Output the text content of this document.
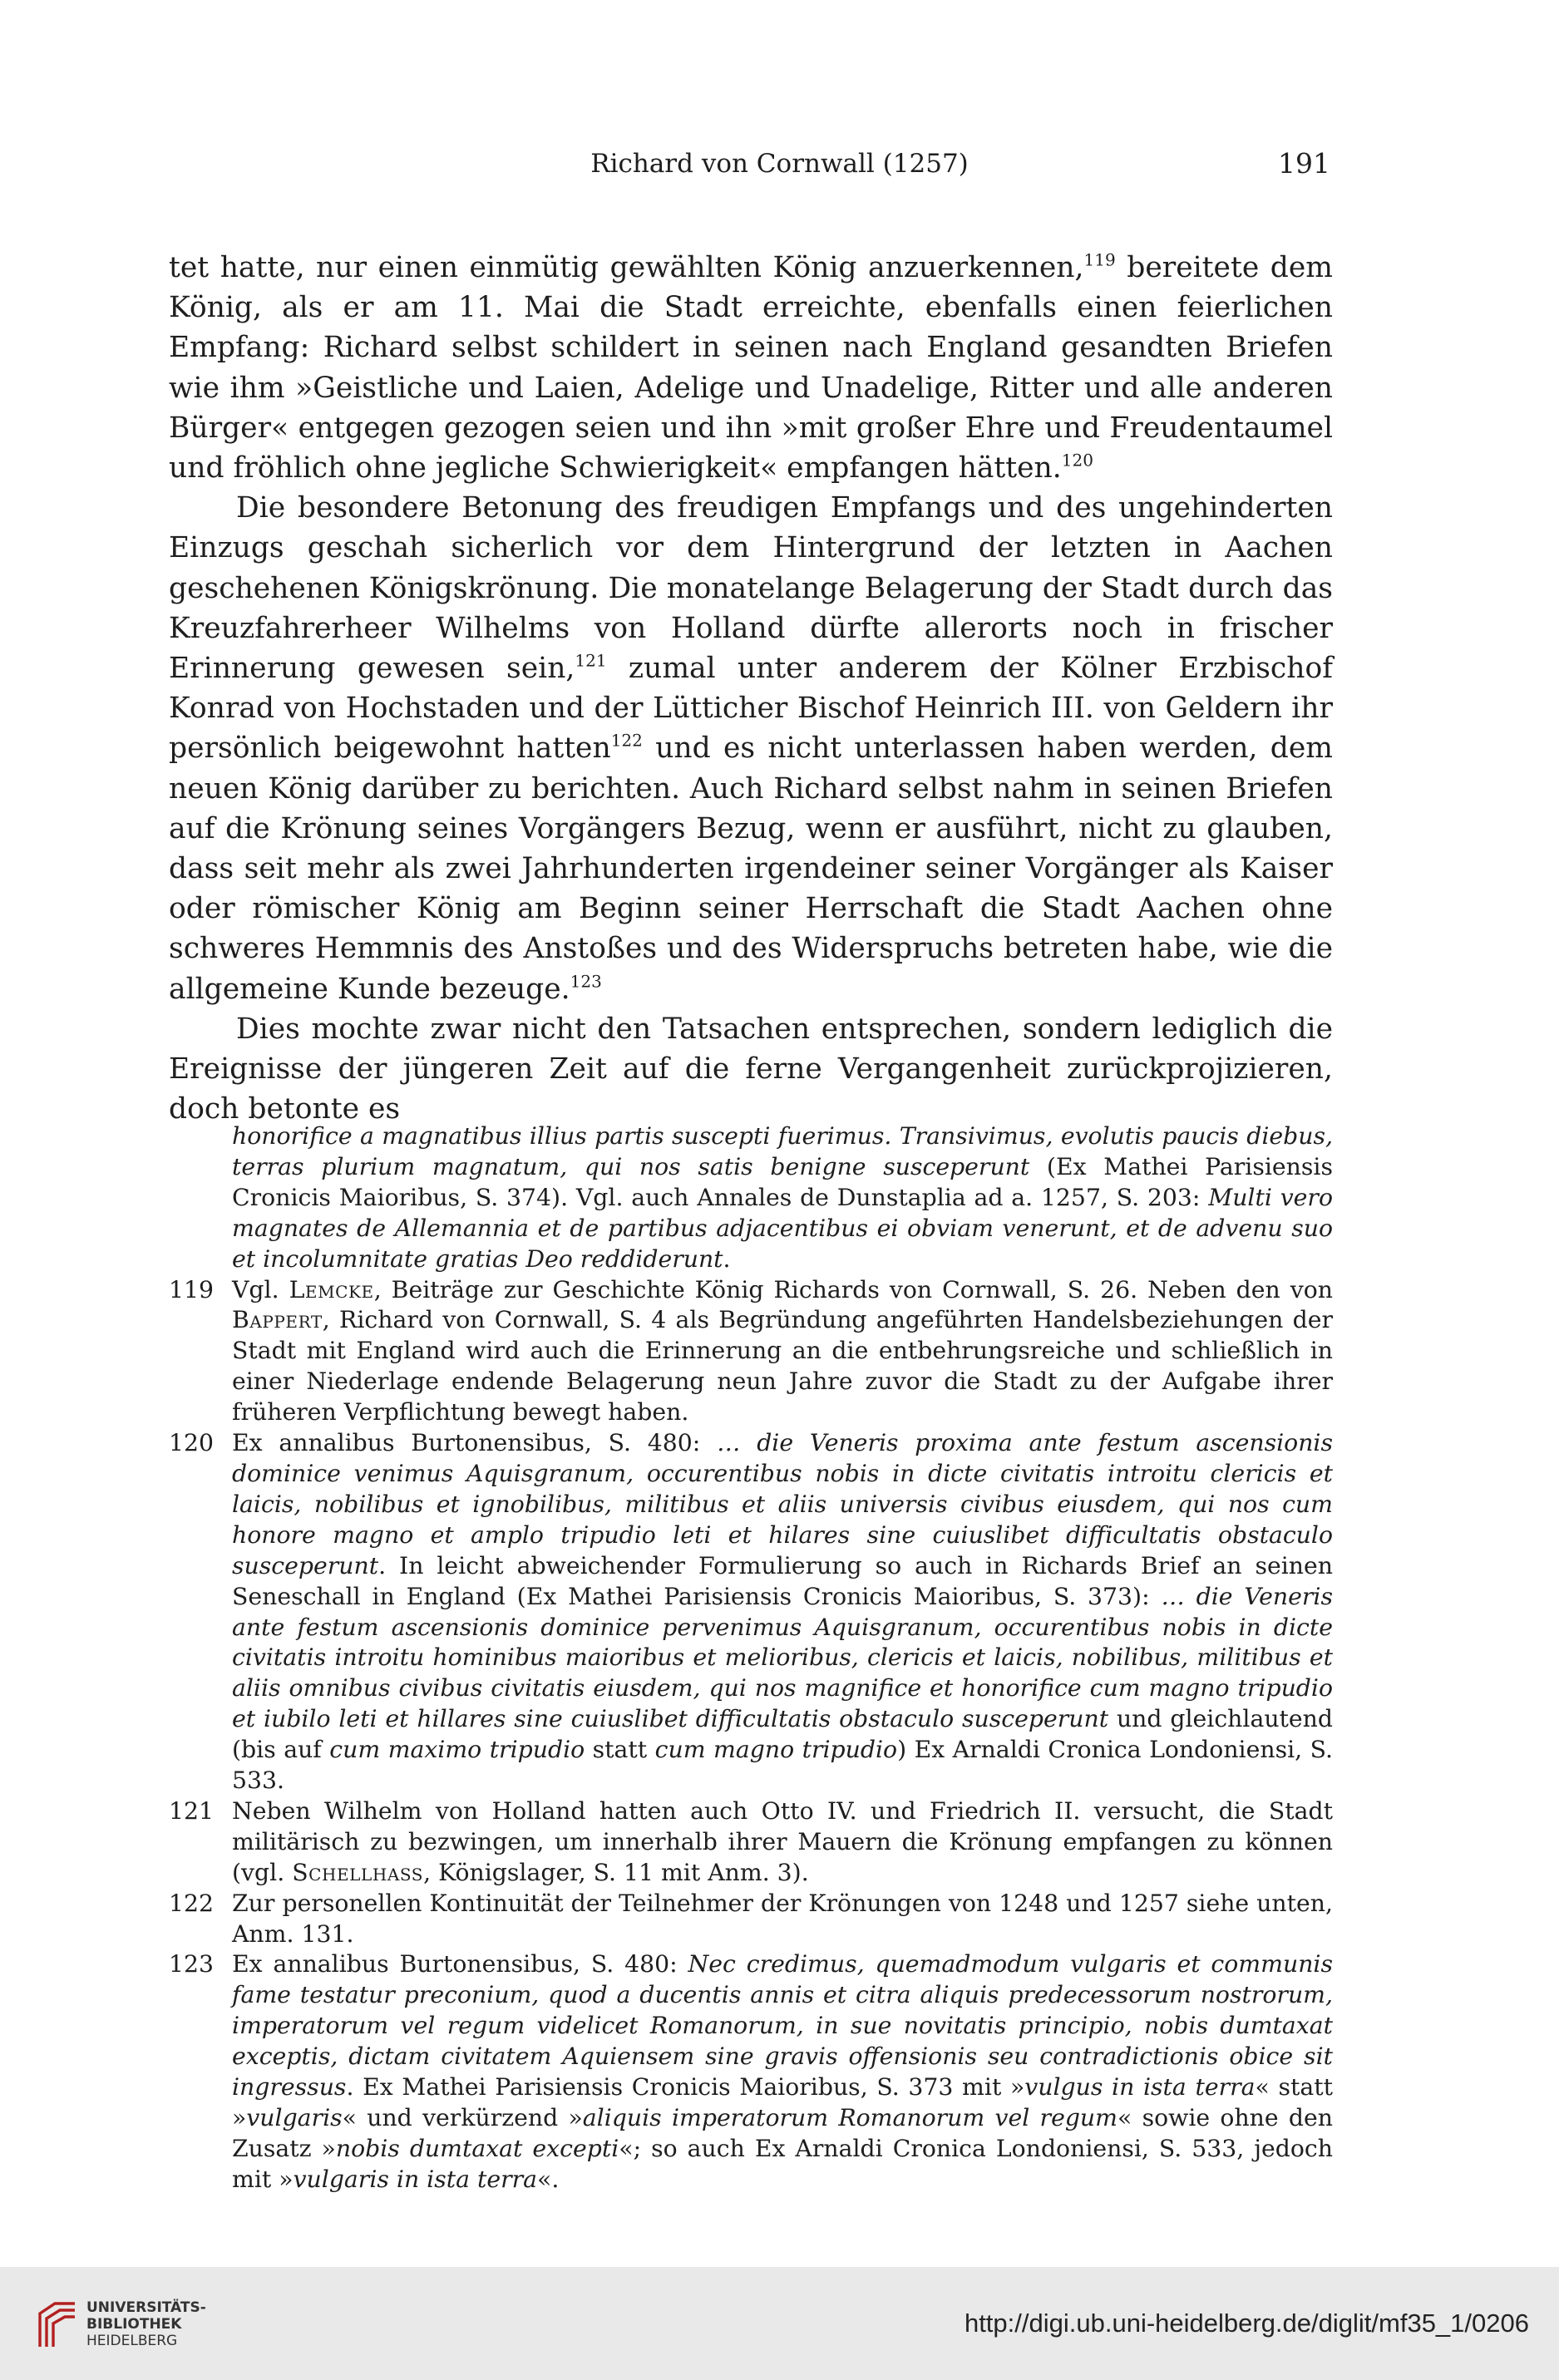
Richard von Cornwall (1257)	191

tet hatte, nur einen einmütig gewählten König anzuerkennen,$^{119}$ bereitete dem König, als er am 11. Mai die Stadt erreichte, ebenfalls einen feierlichen Empfang: Richard selbst schildert in seinen nach England gesandten Briefen wie ihm »Geistliche und Laien, Adelige und Unadelige, Ritter und alle anderen Bürger« entgegen gezogen seien und ihn »mit großer Ehre und Freudentaumel und fröhlich ohne jegliche Schwierigkeit« empfangen hätten.$^{120}$

Die besondere Betonung des freudigen Empfangs und des ungehinderten Einzugs geschah sicherlich vor dem Hintergrund der letzten in Aachen geschehenen Königskrönung. Die monatelange Belagerung der Stadt durch das Kreuzfahrerheer Wilhelms von Holland dürfte allerorts noch in frischer Erinnerung gewesen sein,$^{121}$ zumal unter anderem der Kölner Erzbischof Konrad von Hochstaden und der Lütticher Bischof Heinrich III. von Geldern ihr persönlich beigewohnt hatten$^{122}$ und es nicht unterlassen haben werden, dem neuen König darüber zu berichten. Auch Richard selbst nahm in seinen Briefen auf die Krönung seines Vorgängers Bezug, wenn er ausführt, nicht zu glauben, dass seit mehr als zwei Jahrhunderten irgendeiner seiner Vorgänger als Kaiser oder römischer König am Beginn seiner Herrschaft die Stadt Aachen ohne schweres Hemmnis des Anstoßes und des Widerspruchs betreten habe, wie die allgemeine Kunde bezeuge.$^{123}$

Dies mochte zwar nicht den Tatsachen entsprechen, sondern lediglich die Ereignisse der jüngeren Zeit auf die ferne Vergangenheit zurückprojizieren, doch betonte es

honorifice a magnatibus illius partis suscepti fuerimus. Transivimus, evolutis paucis diebus, terras plurium magnatum, qui nos satis benigne susceperunt (Ex Mathei Parisiensis Cronicis Maioribus, S. 374). Vgl. auch Annales de Dunstaplia ad a. 1257, S. 203: Multi vero magnates de Allemannia et de partibus adjacentibus ei obviam venerunt, et de advenu suo et incolumnitate gratias Deo reddiderunt.
119 Vgl. Lemcke, Beiträge zur Geschichte König Richards von Cornwall, S. 26. Neben den von Bappert, Richard von Cornwall, S. 4 als Begründung angeführten Handelsbeziehungen der Stadt mit England wird auch die Erinnerung an die entbehrungsreiche und schließlich in einer Niederlage endende Belagerung neun Jahre zuvor die Stadt zu der Aufgabe ihrer früheren Verpflichtung bewegt haben.
120 Ex annalibus Burtonensibus, S. 480: … die Veneris proxima ante festum ascensionis dominice venimus Aquisgranum, occurentibus nobis in dicte civitatis introitu clericis et laicis, nobilibus et ignobilibus, militibus et aliis universis civibus eiusdem, qui nos cum honore magno et amplo tripudio leti et hilares sine cuiuslibet difficultatis obstaculo susceperunt. In leicht abweichender Formulierung so auch in Richards Brief an seinen Seneschall in England (Ex Mathei Parisiensis Cronicis Maioribus, S. 373): … die Veneris ante festum ascensionis dominice pervenimus Aquisgranum, occurentibus nobis in dicte civitatis introitu hominibus maioribus et melioribus, clericis et laicis, nobilibus, militibus et aliis omnibus civibus civitatis eiusdem, qui nos magnifice et honorifice cum magno tripudio et iubilo leti et hillares sine cuiuslibet difficultatis obstaculo susceperunt und gleichlautend (bis auf cum maximo tripudio statt cum magno tripudio) Ex Arnaldi Cronica Londoniensi, S. 533.
121 Neben Wilhelm von Holland hatten auch Otto IV. und Friedrich II. versucht, die Stadt militärisch zu bezwingen, um innerhalb ihrer Mauern die Krönung empfangen zu können (vgl. Schellhass, Königslager, S. 11 mit Anm. 3).
122 Zur personellen Kontinuität der Teilnehmer der Krönungen von 1248 und 1257 siehe unten, Anm. 131.
123 Ex annalibus Burtonensibus, S. 480: Nec credimus, quemadmodum vulgaris et communis fame testatur preconium, quod a ducentis annis et citra aliquis predecessorum nostrorum, imperatorum vel regum videlicet Romanorum, in sue novitatis principio, nobis dumtaxat exceptis, dictam civitatem Aquiensem sine gravis offensionis seu contradictionis obice sit ingressus. Ex Mathei Parisiensis Cronicis Maioribus, S. 373 mit »vulgus in ista terra« statt »vulgaris« und verkürzend »aliquis imperatorum Romanorum vel regum« sowie ohne den Zusatz »nobis dumtaxat excepti«; so auch Ex Arnaldi Cronica Londoniensi, S. 533, jedoch mit »vulgaris in ista terra«.
UNIVERSITÄTS-
BIBLIOTHEK
HEIDELBERG
http://digi.ub.uni-heidelberg.de/diglit/mf35_1/0206
